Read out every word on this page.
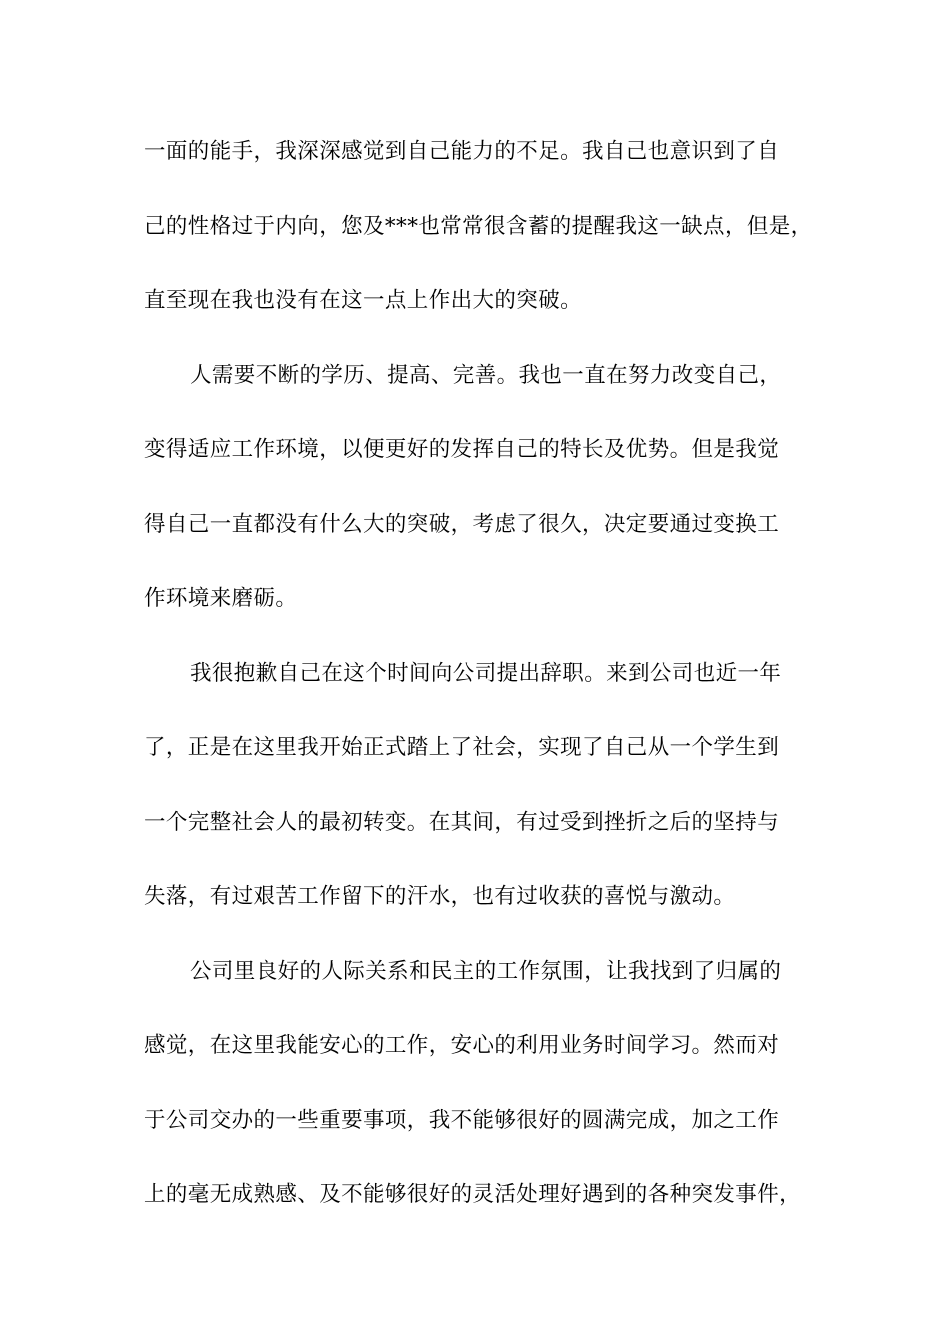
一面的能手，我深深感觉到自己能力的不足。我自己也意识到了自
己的性格过于内向，您及***也常常很含蓄的提醒我这一缺点，但是，
直至现在我也没有在这一点上作出大的突破。
人需要不断的学历、提高、完善。我也一直在努力改变自己，
变得适应工作环境，以便更好的发挥自己的特长及优势。但是我觉
得自己一直都没有什么大的突破，考虑了很久，决定要通过变换工
作环境来磨砺。
我很抱歉自己在这个时间向公司提出辞职。来到公司也近一年
了，正是在这里我开始正式踏上了社会，实现了自己从一个学生到
一个完整社会人的最初转变。在其间，有过受到挫折之后的坚持与
失落，有过艰苦工作留下的汗水，也有过收获的喜悦与激动。
公司里良好的人际关系和民主的工作氛围，让我找到了归属的
感觉，在这里我能安心的工作，安心的利用业务时间学习。然而对
于公司交办的一些重要事项，我不能够很好的圆满完成，加之工作
上的毫无成熟感、及不能够很好的灵活处理好遇到的各种突发事件，
